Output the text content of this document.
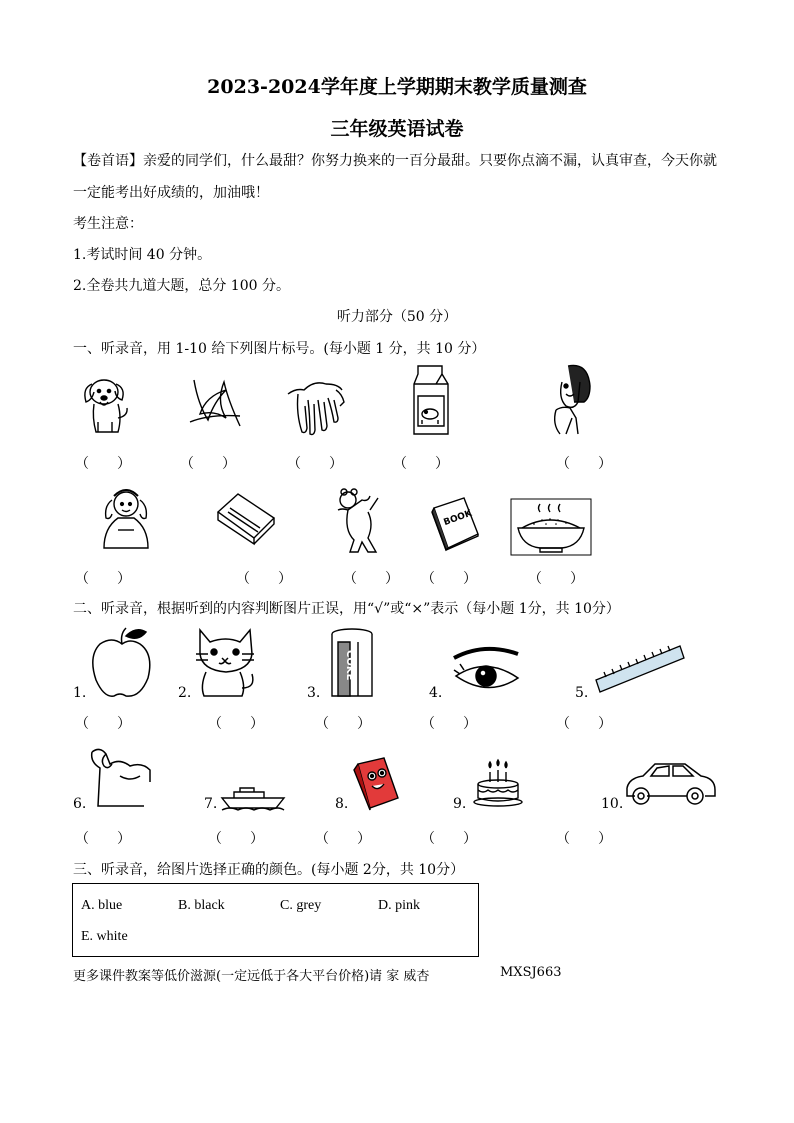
2023-2024学年度上学期期末教学质量测查
三年级英语试卷
【卷首语】亲爱的同学们，什么最甜？你努力换来的一百分最甜。只要你点滴不漏，认真审查，今天你就
一定能考出好成绩的，加油哦！
考生注意：
1.考试时间 40 分钟。
2.全卷共九道大题，总分 100 分。
听力部分（50 分）
一、听录音，用 1-10 给下列图片标号。(每小题 1 分，共 10 分）
（　　）	（　　）	（　　）	（　　）	（　　）
BOOK
（　　）	（　　）	（　　） （　　）	（　　）
二、听录音，根据听到的内容判断图片正误，用“√”或“×”表示（每小题 1分，共 10分）
1.	2.	3.
COKE
4.	5.
（　　）	（　　）	（　　）	（　　）	（　　）
6.	7.	8.	9.	10.
（　　）	（　　）	（　　）	（　　）	（　　）
三、听录音，给图片选择正确的颜色。(每小题 2分，共 10分）
A. blue	B. black	C. grey	D. pink
E. white
更多课件教案等低价滋源(一定远低于各大平台价格)请 家 威杏	MXSJ663
